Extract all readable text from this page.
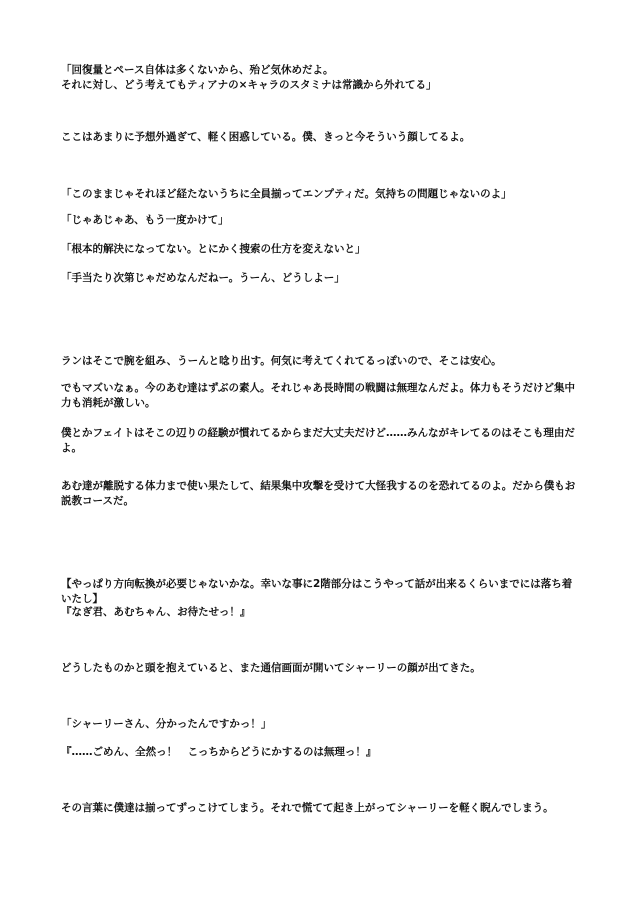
「回復量とペース自体は多くないから、殆ど気休めだよ。
それに対し、どう考えてもティアナの×キャラのスタミナは常識から外れてる」
ここはあまりに予想外過ぎて、軽く困惑している。僕、きっと今そういう顔してるよ。
「このままじゃそれほど経たないうちに全員揃ってエンプティだ。気持ちの問題じゃないのよ」
「じゃあじゃあ、もう一度かけて」
「根本的解決になってない。とにかく捜索の仕方を変えないと」
「手当たり次第じゃだめなんだねー。うーん、どうしよー」
ランはそこで腕を組み、うーんと唸り出す。何気に考えてくれてるっぽいので、そこは安心。
でもマズいなぁ。今のあむ達はずぶの素人。それじゃあ長時間の戦闘は無理なんだよ。体力もそうだけど集中力も消耗が激しい。
僕とかフェイトはそこの辺りの経験が慣れてるからまだ大丈夫だけど……みんながキレてるのはそこも理由だよ。
あむ達が離脱する体力まで使い果たして、結果集中攻撃を受けて大怪我するのを恐れてるのよ。だから僕もお説教コースだ。
【やっぱり方向転換が必要じゃないかな。幸いな事に2階部分はこうやって話が出来るくらいまでには落ち着いたし】
『なぎ君、あむちゃん、お待たせっ！』
どうしたものかと頭を抱えていると、また通信画面が開いてシャーリーの顔が出てきた。
「シャーリーさん、分かったんですかっ！」
『……ごめん、全然っ！　こっちからどうにかするのは無理っ！』
その言葉に僕達は揃ってずっこけてしまう。それで慌てて起き上がってシャーリーを軽く睨んでしまう。
